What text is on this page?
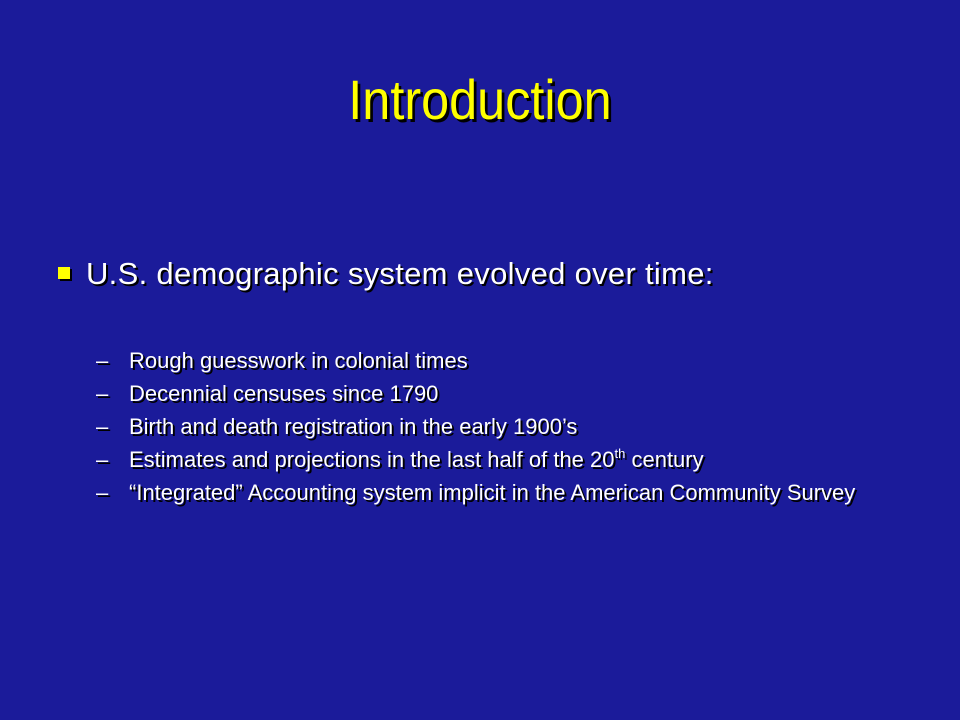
Introduction
U.S. demographic system evolved over time:
– Rough guesswork in colonial times
– Decennial censuses since 1790
– Birth and death registration in the early 1900’s
– Estimates and projections in the last half of the 20th century
– “Integrated” Accounting system implicit in the American Community Survey
